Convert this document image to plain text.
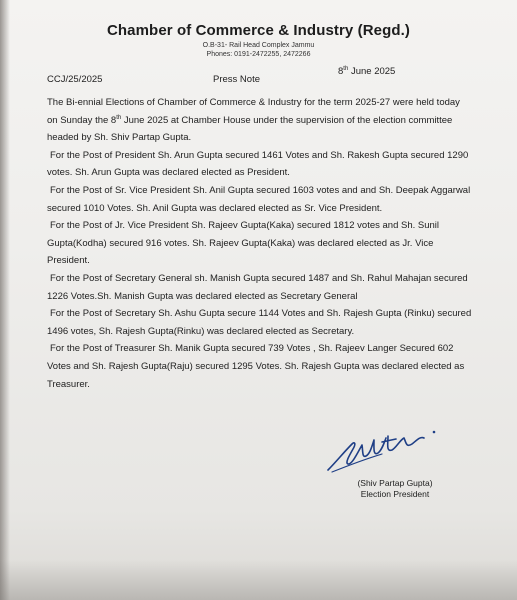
Chamber of Commerce & Industry (Regd.)
O.B-31- Rail Head Complex Jammu
Phones: 0191-2472255, 2472266
CCJ/25/2025	Press Note
8th June 2025

The Bi-ennial Elections of Chamber of Commerce & Industry for the term 2025-27 were held today on Sunday the 8th June 2025 at Chamber House under the supervision of the election committee headed by Sh. Shiv Partap Gupta.

For the Post of President Sh. Arun Gupta secured 1461 Votes and Sh. Rakesh Gupta secured 1290 votes. Sh. Arun Gupta was declared elected as President.

For the Post of Sr. Vice President Sh. Anil Gupta secured 1603 votes and and Sh. Deepak Aggarwal secured 1010 Votes. Sh. Anil Gupta was declared elected as Sr. Vice President.

For the Post of Jr. Vice President Sh. Rajeev Gupta(Kaka) secured 1812 votes and Sh. Sunil Gupta(Kodha) secured 916 votes. Sh. Rajeev Gupta(Kaka) was declared elected as Jr. Vice President.

For the Post of Secretary General sh. Manish Gupta secured 1487 and Sh. Rahul Mahajan secured 1226 Votes.Sh. Manish Gupta was declared elected as Secretary General

For the Post of Secretary Sh. Ashu Gupta secure 1144 Votes and Sh. Rajesh Gupta (Rinku) secured 1496 votes, Sh. Rajesh Gupta(Rinku) was declared elected as Secretary.

For the Post of Treasurer Sh. Manik Gupta secured 739 Votes , Sh. Rajeev Langer Secured 602 Votes and Sh. Rajesh Gupta(Raju) secured 1295 Votes. Sh. Rajesh Gupta was declared elected as Treasurer.

(Shiv Partap Gupta)
Election President
